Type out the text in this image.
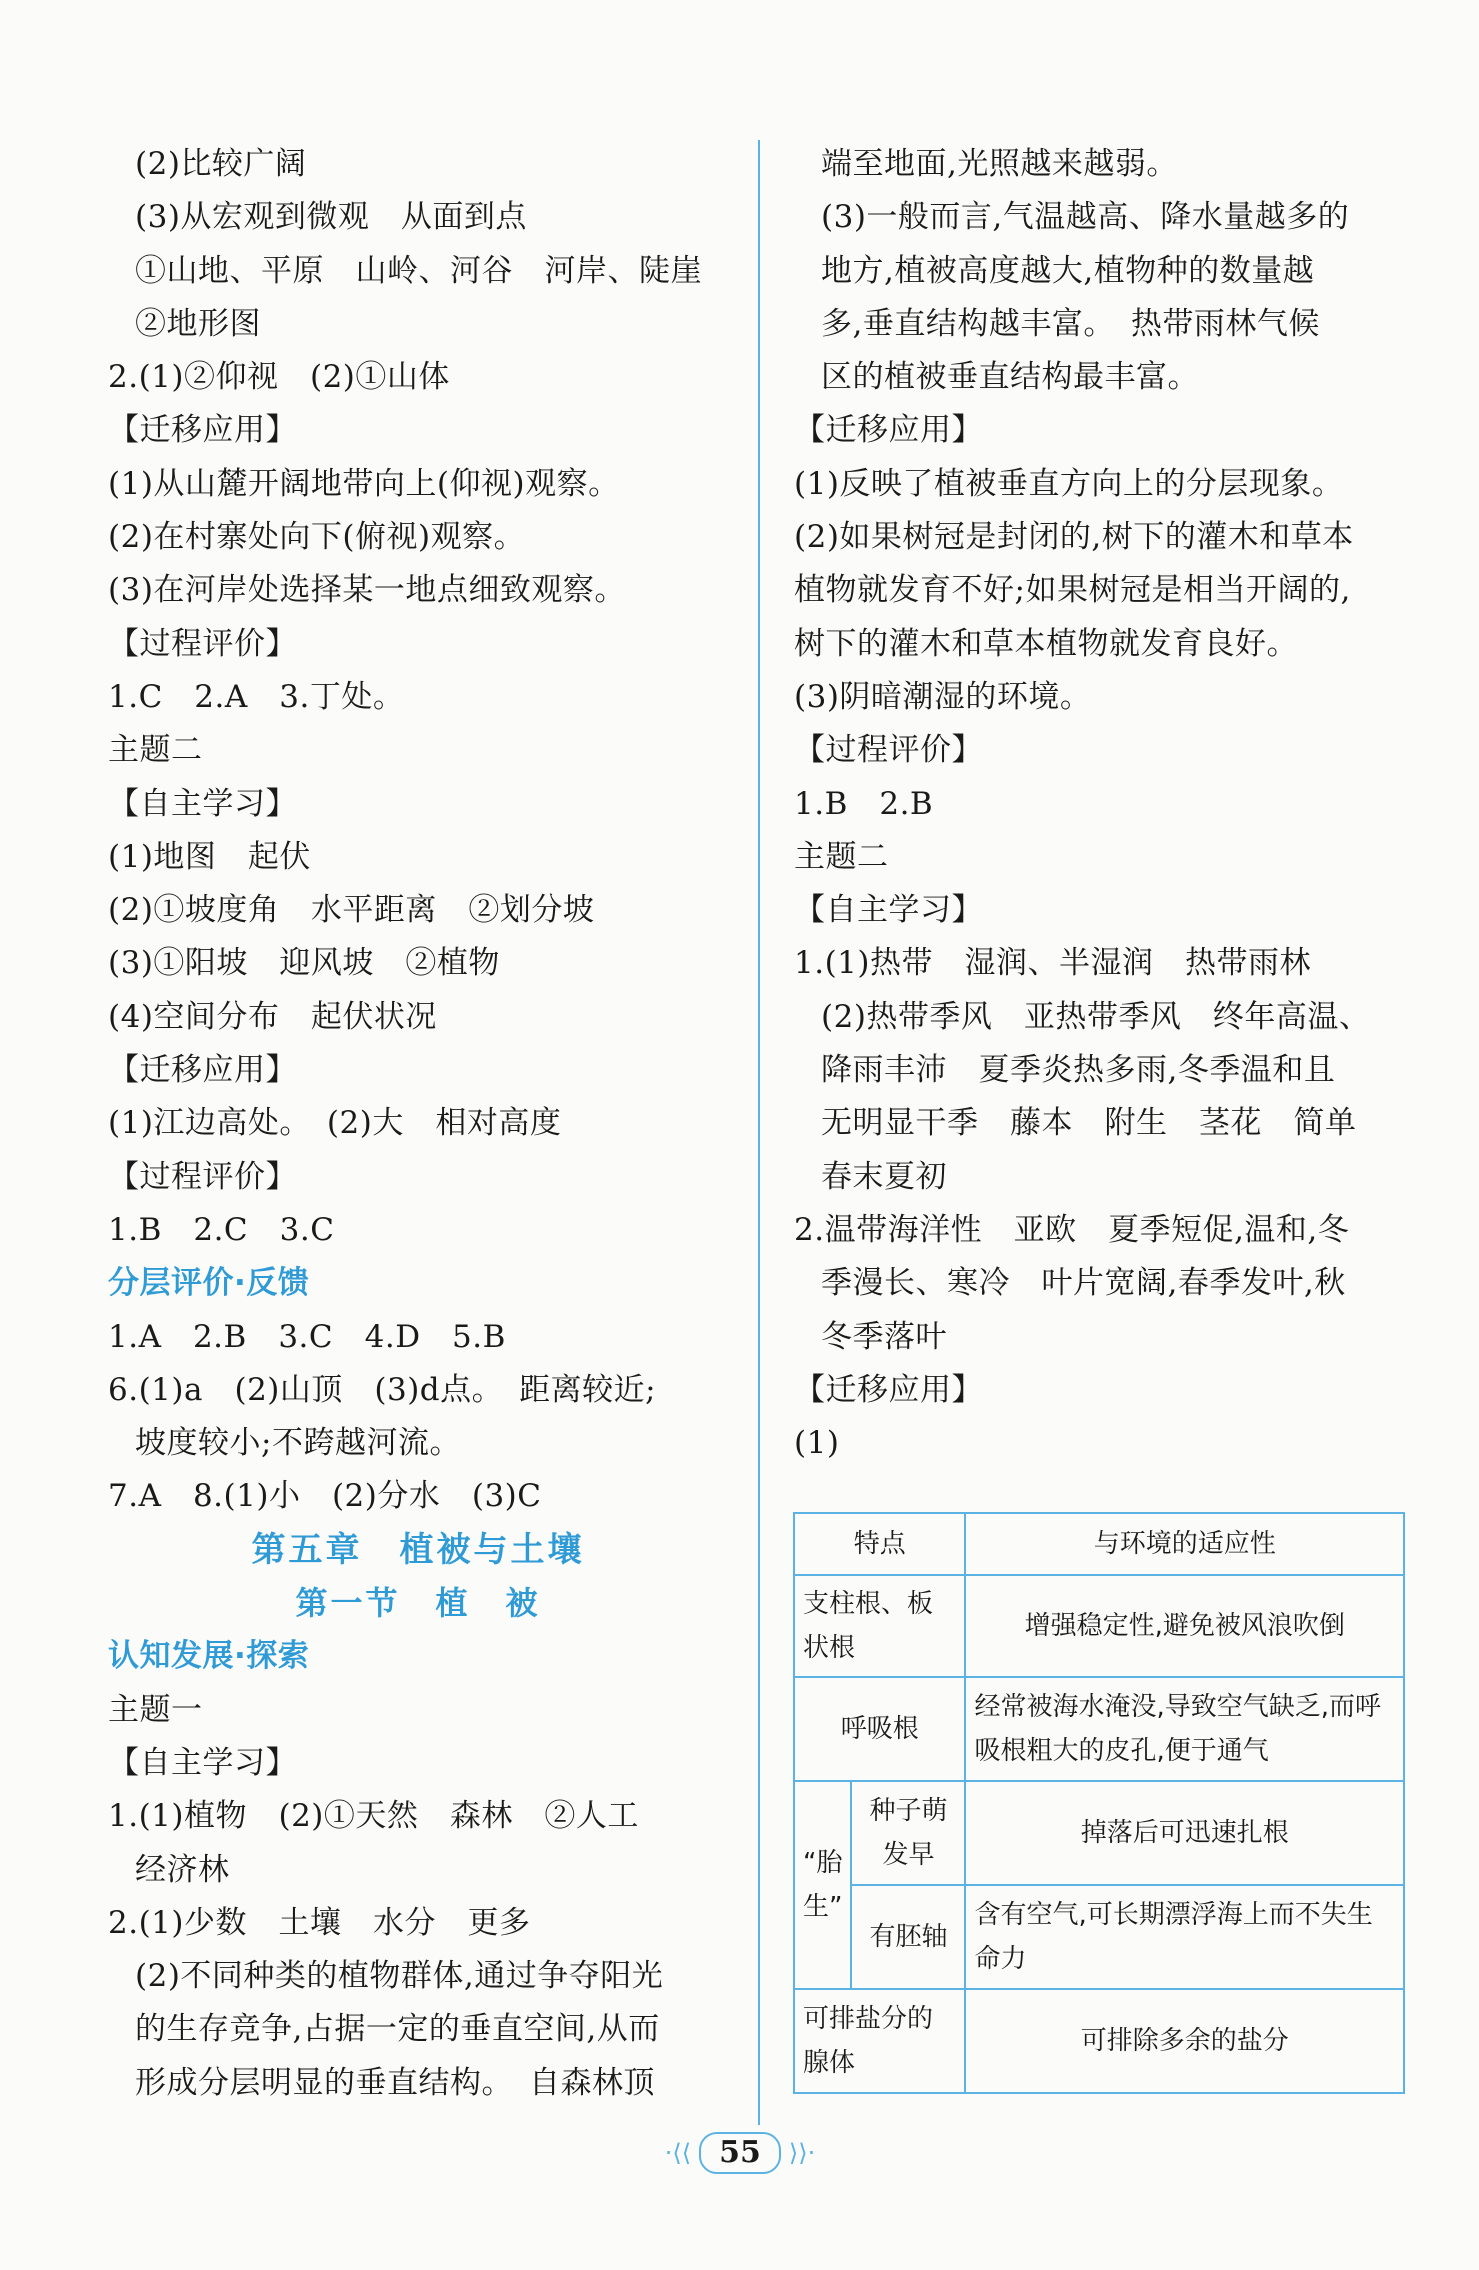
(2)比较广阔
(3)从宏观到微观　从面到点
①山地、平原　山岭、河谷　河岸、陡崖
②地形图
2.(1)②仰视　(2)①山体
【迁移应用】
(1)从山麓开阔地带向上(仰视)观察。
(2)在村寨处向下(俯视)观察。
(3)在河岸处选择某一地点细致观察。
【过程评价】
1.C　2.A　3.丁处。
主题二
【自主学习】
(1)地图　起伏
(2)①坡度角　水平距离　②划分坡
(3)①阳坡　迎风坡　②植物
(4)空间分布　起伏状况
【迁移应用】
(1)江边高处。　(2)大　相对高度
【过程评价】
1.B　2.C　3.C
分层评价·反馈
1.A　2.B　3.C　4.D　5.B
6.(1)a　(2)山顶　(3)d点。　距离较近;
坡度较小;不跨越河流。
7.A　8.(1)小　(2)分水　(3)C
第五章　植被与土壤
第一节　植　被
认知发展·探索
主题一
【自主学习】
1.(1)植物　(2)①天然　森林　②人工
经济林
2.(1)少数　土壤　水分　更多
(2)不同种类的植物群体,通过争夺阳光
的生存竞争,占据一定的垂直空间,从而
形成分层明显的垂直结构。　自森林顶
端至地面,光照越来越弱。
(3)一般而言,气温越高、降水量越多的
地方,植被高度越大,植物种的数量越
多,垂直结构越丰富。　热带雨林气候
区的植被垂直结构最丰富。
【迁移应用】
(1)反映了植被垂直方向上的分层现象。
(2)如果树冠是封闭的,树下的灌木和草本
植物就发育不好;如果树冠是相当开阔的,
树下的灌木和草本植物就发育良好。
(3)阴暗潮湿的环境。
【过程评价】
1.B　2.B
主题二
【自主学习】
1.(1)热带　湿润、半湿润　热带雨林
(2)热带季风　亚热带季风　终年高温、
降雨丰沛　夏季炎热多雨,冬季温和且
无明显干季　藤本　附生　茎花　简单
春末夏初
2.温带海洋性　亚欧　夏季短促,温和,冬
季漫长、寒冷　叶片宽阔,春季发叶,秋
冬季落叶
【迁移应用】
(1)
特点		与环境的适应性
支柱根、板状根		增强稳定性,避免被风浪吹倒
呼吸根		经常被海水淹没,导致空气缺乏,而呼吸根粗大的皮孔,便于通气
“胎生”	种子萌发早	掉落后可迅速扎根
	有胚轴	含有空气,可长期漂浮海上而不失生命力
可排盐分的腺体		可排除多余的盐分
·⟨⟨ 55	⟩⟩·
